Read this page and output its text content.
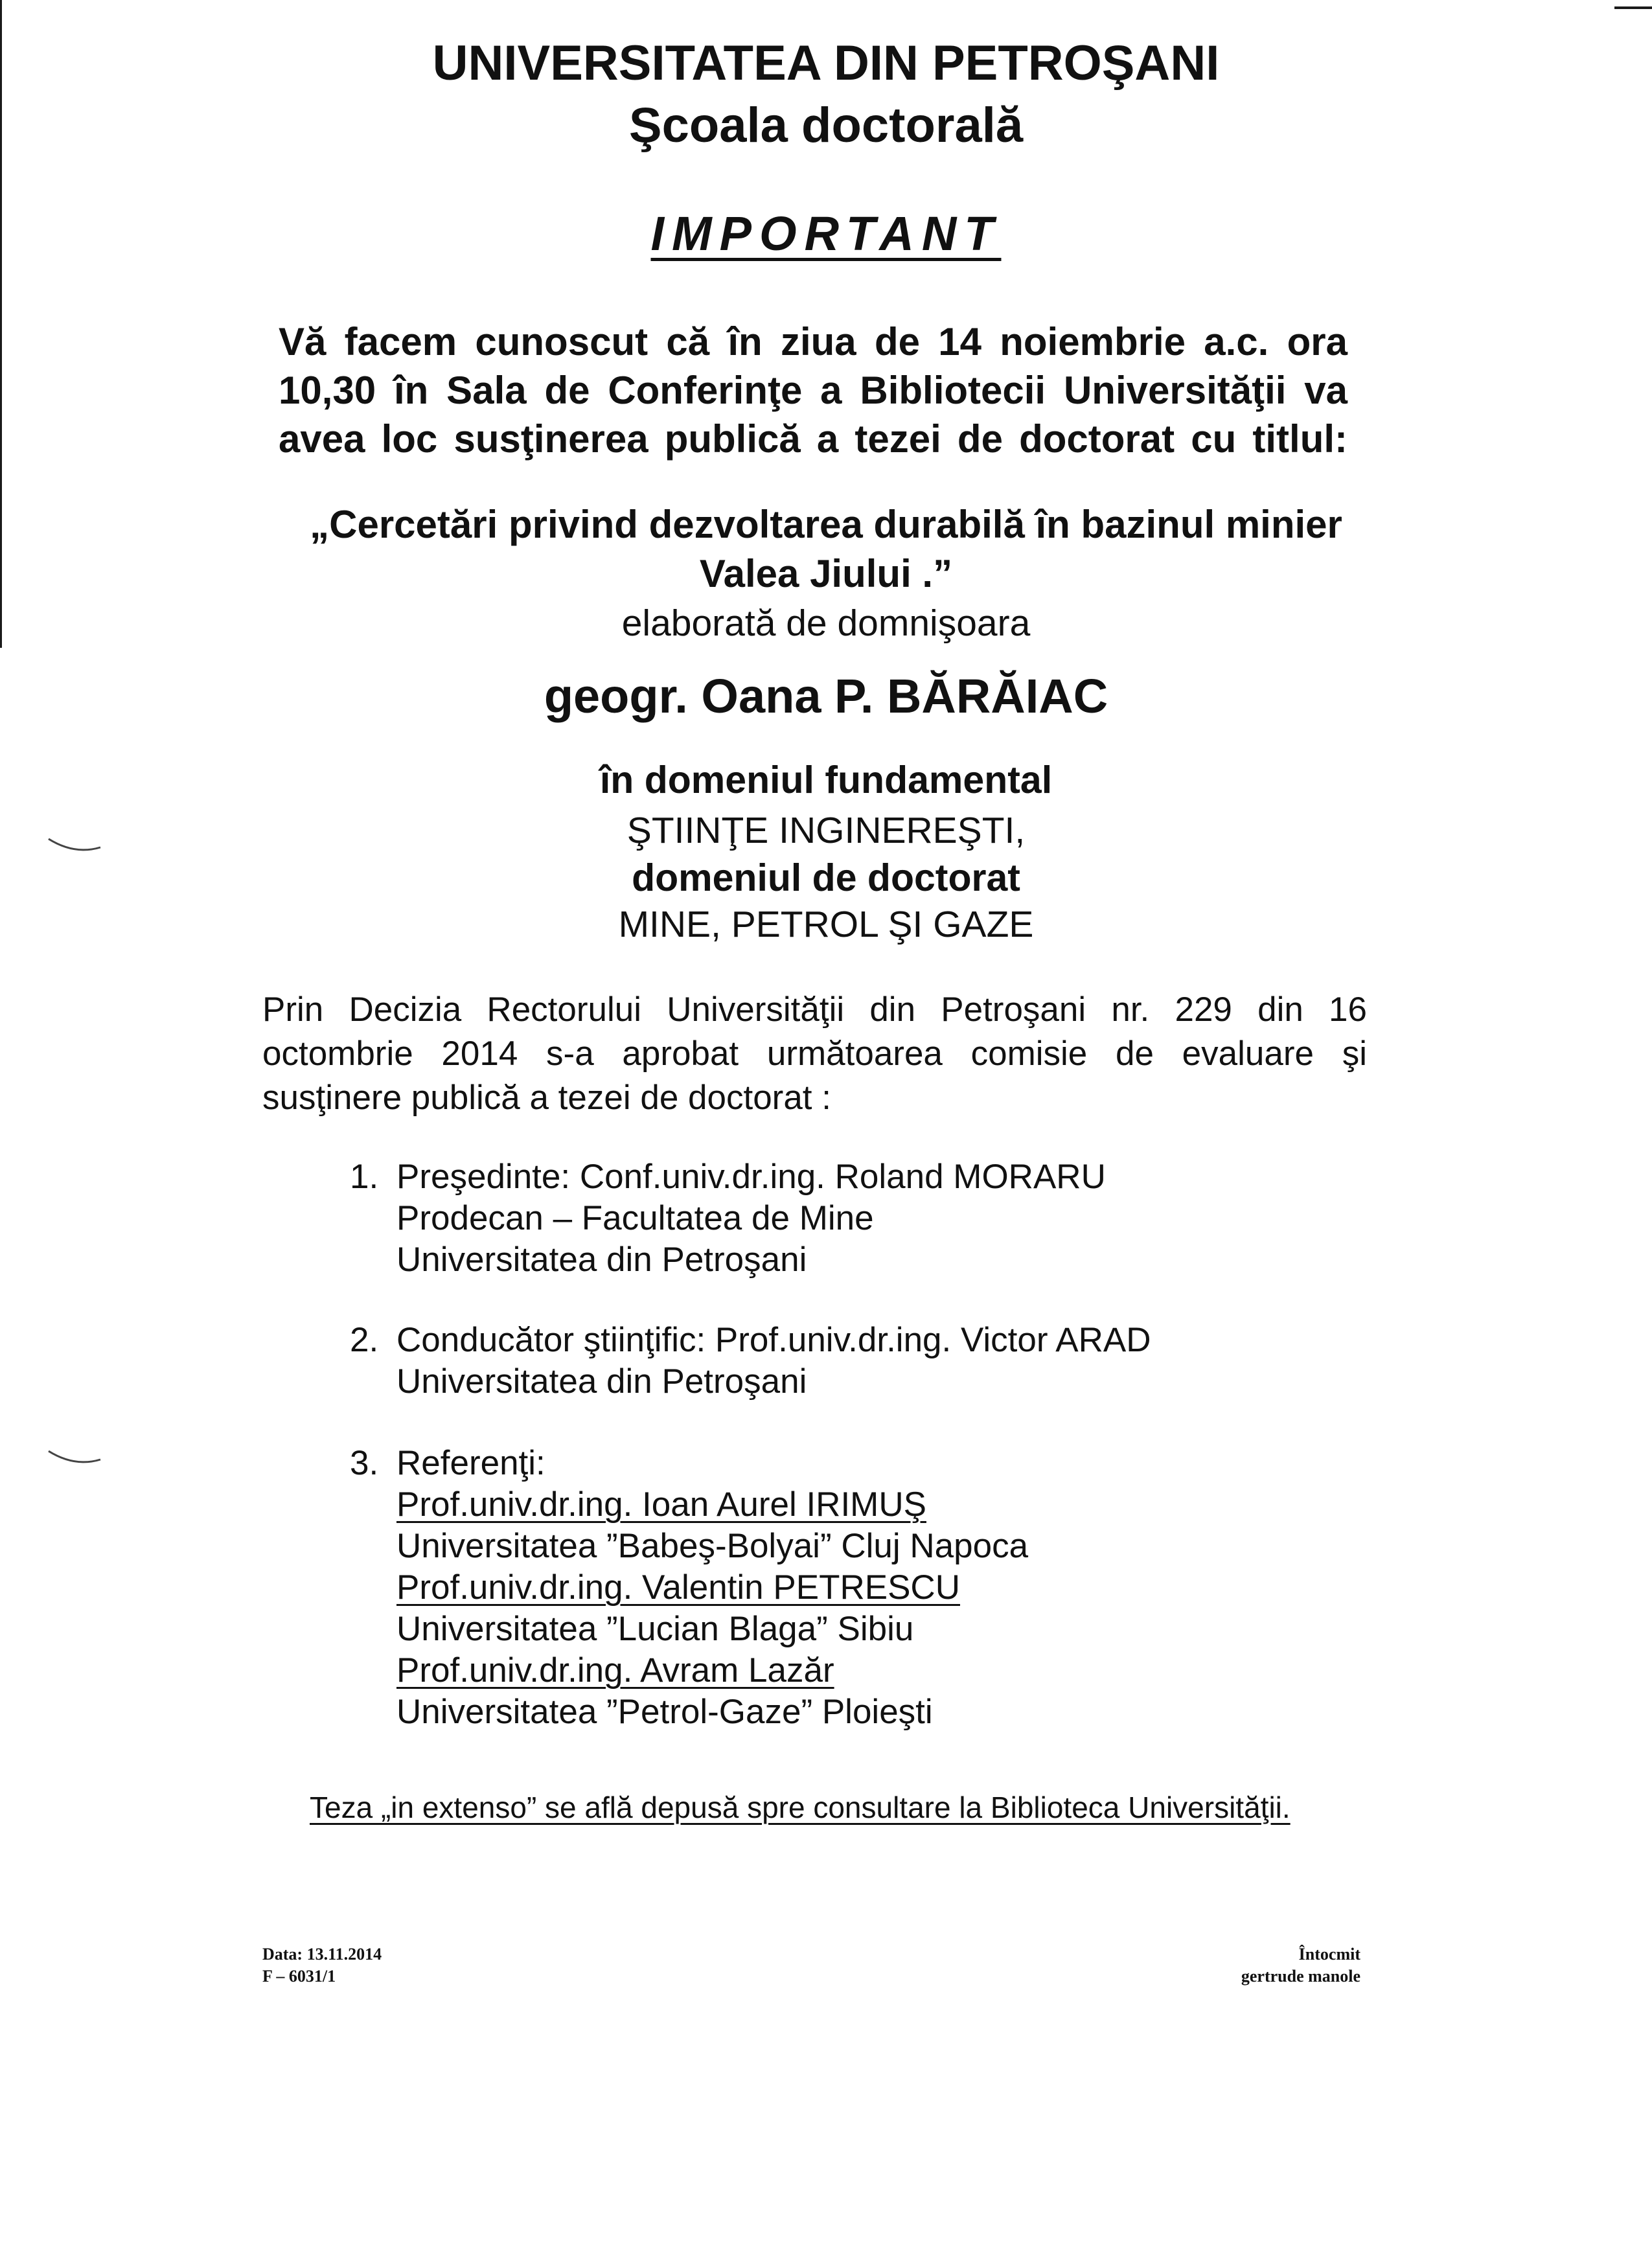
UNIVERSITATEA DIN PETROŞANI
Şcoala doctorală
IMPORTANT
Vă facem cunoscut că în ziua de 14 noiembrie a.c. ora
10,30 în Sala de Conferinţe a Bibliotecii Universităţii va
avea loc susţinerea publică a tezei de doctorat cu titlul:
„Cercetări privind dezvoltarea durabilă în bazinul minier
Valea Jiului .”
elaborată de domnişoara
geogr. Oana P. BĂRĂIAC
în domeniul fundamental
ŞTIINŢE INGINEREŞTI,
domeniul de doctorat
MINE, PETROL ŞI GAZE
Prin Decizia Rectorului Universităţii din Petroşani nr. 229 din 16
octombrie 2014 s-a aprobat următoarea comisie de evaluare şi
susţinere publică a tezei de doctorat :
1. Preşedinte: Conf.univ.dr.ing. Roland MORARU
Prodecan – Facultatea de Mine
Universitatea din Petroşani
2. Conducător ştiinţific: Prof.univ.dr.ing. Victor ARAD
Universitatea din Petroşani
3. Referenţi:
Prof.univ.dr.ing. Ioan Aurel IRIMUŞ
Universitatea ”Babeş-Bolyai” Cluj Napoca
Prof.univ.dr.ing. Valentin PETRESCU
Universitatea ”Lucian Blaga” Sibiu
Prof.univ.dr.ing. Avram Lazăr
Universitatea ”Petrol-Gaze” Ploieşti
Teza „in extenso” se află depusă spre consultare la Biblioteca Universităţii.
Data: 13.11.2014
F – 6031/1
Întocmit
gertrude manole
